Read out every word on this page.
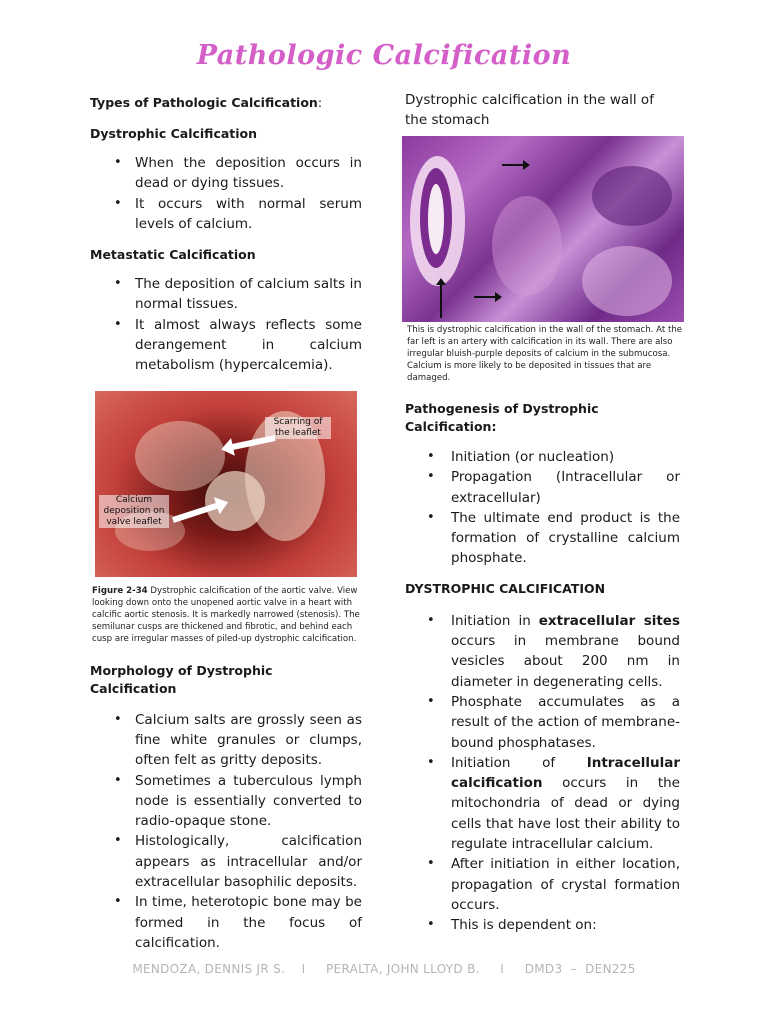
Pathologic Calcification
Types of Pathologic Calcification:
Dystrophic Calcification
• When the deposition occurs in dead or dying tissues.
• It occurs with normal serum levels of calcium.
Metastatic Calcification
• The deposition of calcium salts in normal tissues.
• It almost always reflects some derangement in calcium metabolism (hypercalcemia).
Scarring of the leaflet
Calcium deposition on valve leaflet
Figure 2-34 Dystrophic calcification of the aortic valve. View looking down onto the unopened aortic valve in a heart with calcific aortic stenosis. It is markedly narrowed (stenosis). The semilunar cusps are thickened and fibrotic, and behind each cusp are irregular masses of piled-up dystrophic calcification.
Morphology of Dystrophic Calcification
• Calcium salts are grossly seen as fine white granules or clumps, often felt as gritty deposits.
• Sometimes a tuberculous lymph node is essentially converted to radio-opaque stone.
• Histologically, calcification appears as intracellular and/or extracellular basophilic deposits.
• In time, heterotopic bone may be formed in the focus of calcification.
Dystrophic calcification in the wall of the stomach
This is dystrophic calcification in the wall of the stomach. At the far left is an artery with calcification in its wall. There are also irregular bluish-purple deposits of calcium in the submucosa. Calcium is more likely to be deposited in tissues that are damaged.
Pathogenesis of Dystrophic Calcification:
• Initiation (or nucleation)
• Propagation (Intracellular or extracellular)
• The ultimate end product is the formation of crystalline calcium phosphate.
DYSTROPHIC CALCIFICATION
• Initiation in extracellular sites occurs in membrane bound vesicles about 200 nm in diameter in degenerating cells.
• Phosphate accumulates as a result of the action of membrane-bound phosphatases.
• Initiation of Intracellular calcification occurs in the mitochondria of dead or dying cells that have lost their ability to regulate intracellular calcium.
• After initiation in either location, propagation of crystal formation occurs.
• This is dependent on:
MENDOZA, DENNIS JR S.    I     PERALTA, JOHN LLOYD B.     I     DMD3  –  DEN225
